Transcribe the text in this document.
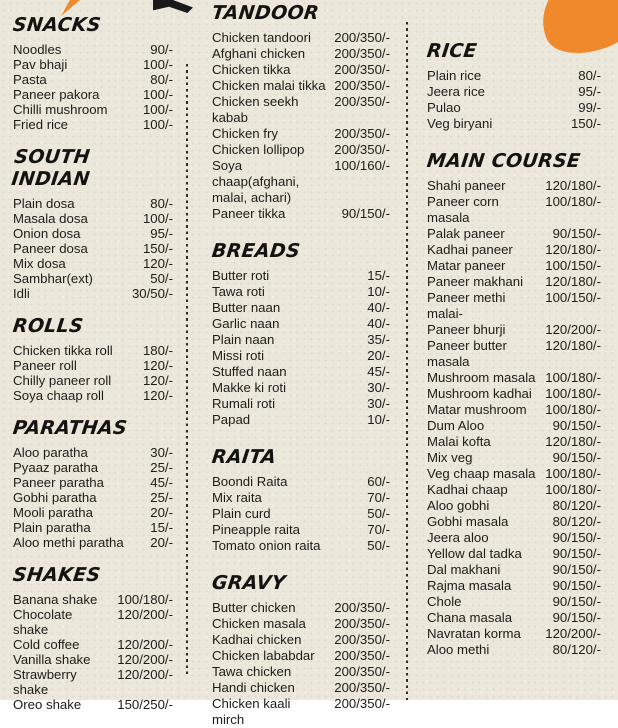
SNACKS
Noodles	90/-
Pav bhaji	100/-
Pasta	80/-
Paneer pakora	100/-
Chilli mushroom	100/-
Fried rice	100/-
SOUTH INDIAN
Plain dosa	80/-
Masala dosa	100/-
Onion dosa	95/-
Paneer dosa	150/-
Mix dosa	120/-
Sambhar(ext)	50/-
Idli	30/50/-
ROLLS
Chicken tikka roll	180/-
Paneer roll	120/-
Chilly paneer roll	120/-
Soya chaap roll	120/-
PARATHAS
Aloo paratha	30/-
Pyaaz paratha	25/-
Paneer paratha	45/-
Gobhi paratha	25/-
Mooli paratha	20/-
Plain paratha	15/-
Aloo methi paratha	20/-
SHAKES
Banana shake	100/180/-
Chocolate shake
120/200/-
Cold coffee	120/200/-
Vanilla shake	120/200/-
Strawberry shake
120/200/-
Oreo shake	150/250/-
TANDOOR
Chicken tandoori	200/350/-
Afghani chicken	200/350/-
Chicken tikka	200/350/-
Chicken malai tikka 200/350/-
Chicken seekh kabab
200/350/-
Chicken fry	200/350/-
Chicken lollipop	200/350/-
Soya chaap(afghani, malai, achari)
100/160/-
Paneer tikka	90/150/-
BREADS
Butter roti	15/-
Tawa roti	10/-
Butter naan	40/-
Garlic naan	40/-
Plain naan	35/-
Missi roti	20/-
Stuffed naan	45/-
Makke ki roti	30/-
Rumali roti	30/-
Papad	10/-
RAITA
Boondi Raita	60/-
Mix raita	70/-
Plain curd	50/-
Pineapple raita	70/-
Tomato onion raita	50/-
GRAVY
Butter chicken	200/350/-
Chicken masala	200/350/-
Kadhai chicken	200/350/-
Chicken lababdar	200/350/-
Tawa chicken	200/350/-
Handi chicken	200/350/-
Chicken kaali mirch
200/350/-
RICE
Plain rice	80/-
Jeera rice	95/-
Pulao	99/-
Veg biryani	150/-
MAIN COURSE
Shahi paneer	120/180/-
Paneer corn masala
100/180/-
Palak paneer	90/150/-
Kadhai paneer	120/180/-
Matar paneer	100/150/-
Paneer makhani	120/180/-
Paneer methi malai-
100/150/-
Paneer bhurji	120/200/-
Paneer butter masala
120/180/-
Mushroom masala 100/180/-
Mushroom kadhai	100/180/-
Matar mushroom	100/180/-
Dum Aloo	90/150/-
Malai kofta	120/180/-
Mix veg	90/150/-
Veg chaap masala 100/180/-
Kadhai chaap	100/180/-
Aloo gobhi	80/120/-
Gobhi masala	80/120/-
Jeera aloo	90/150/-
Yellow dal tadka	90/150/-
Dal makhani	90/150/-
Rajma masala	90/150/-
Chole	90/150/-
Chana masala	90/150/-
Navratan korma	120/200/-
Aloo methi	80/120/-
